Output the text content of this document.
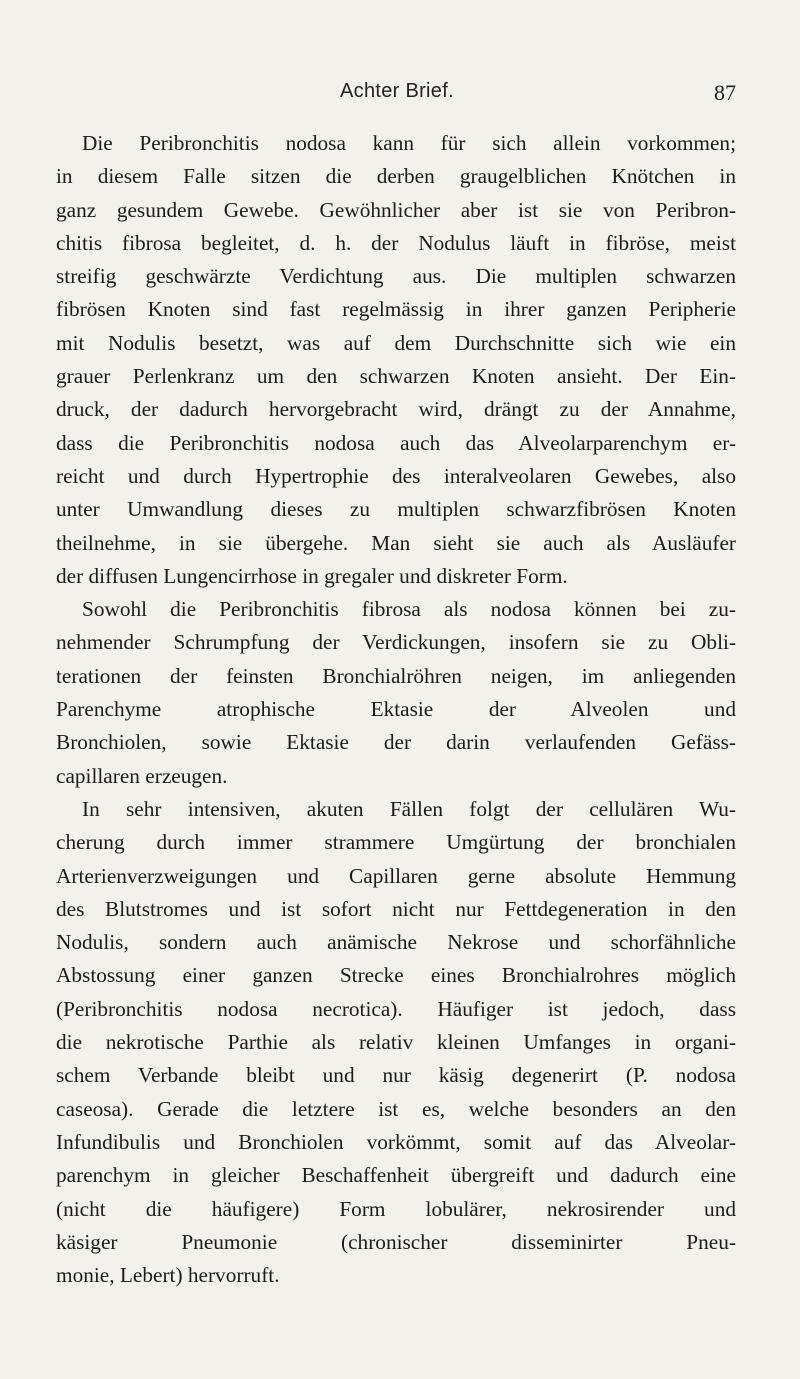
Achter Brief.	87
Die Peribronchitis nodosa kann für sich allein vorkommen;
in diesem Falle sitzen die derben graugelblichen Knötchen in
ganz gesundem Gewebe. Gewöhnlicher aber ist sie von Peribron-
chitis fibrosa begleitet, d. h. der Nodulus läuft in fibröse, meist
streifig geschwärzte Verdichtung aus. Die multiplen schwarzen
fibrösen Knoten sind fast regelmässig in ihrer ganzen Peripherie
mit Nodulis besetzt, was auf dem Durchschnitte sich wie ein
grauer Perlenkranz um den schwarzen Knoten ansieht. Der Ein-
druck, der dadurch hervorgebracht wird, drängt zu der Annahme,
dass die Peribronchitis nodosa auch das Alveolarparenchym er-
reicht und durch Hypertrophie des interalveolaren Gewebes, also
unter Umwandlung dieses zu multiplen schwarzfibrösen Knoten
theilnehme, in sie übergehe. Man sieht sie auch als Ausläufer
der diffusen Lungencirrhose in gregaler und diskreter Form.
Sowohl die Peribronchitis fibrosa als nodosa können bei zu-
nehmender Schrumpfung der Verdickungen, insofern sie zu Obli-
terationen der feinsten Bronchialröhren neigen, im anliegenden
Parenchyme atrophische Ektasie der Alveolen und
Bronchiolen, sowie Ektasie der darin verlaufenden Gefäss-
capillaren erzeugen.
In sehr intensiven, akuten Fällen folgt der cellulären Wu-
cherung durch immer strammere Umgürtung der bronchialen
Arterienverzweigungen und Capillaren gerne absolute Hemmung
des Blutstromes und ist sofort nicht nur Fettdegeneration in den
Nodulis, sondern auch anämische Nekrose und schorfähnliche
Abstossung einer ganzen Strecke eines Bronchialrohres möglich
(Peribronchitis nodosa necrotica). Häufiger ist jedoch, dass
die nekrotische Parthie als relativ kleinen Umfanges in organi-
schem Verbande bleibt und nur käsig degenerirt (P. nodosa
caseosa). Gerade die letztere ist es, welche besonders an den
Infundibulis und Bronchiolen vorkömmt, somit auf das Alveolar-
parenchym in gleicher Beschaffenheit übergreift und dadurch eine
(nicht die häufigere) Form lobulärer, nekrosirender und
käsiger Pneumonie (chronischer disseminirter Pneu-
monie, Lebert) hervorruft.
